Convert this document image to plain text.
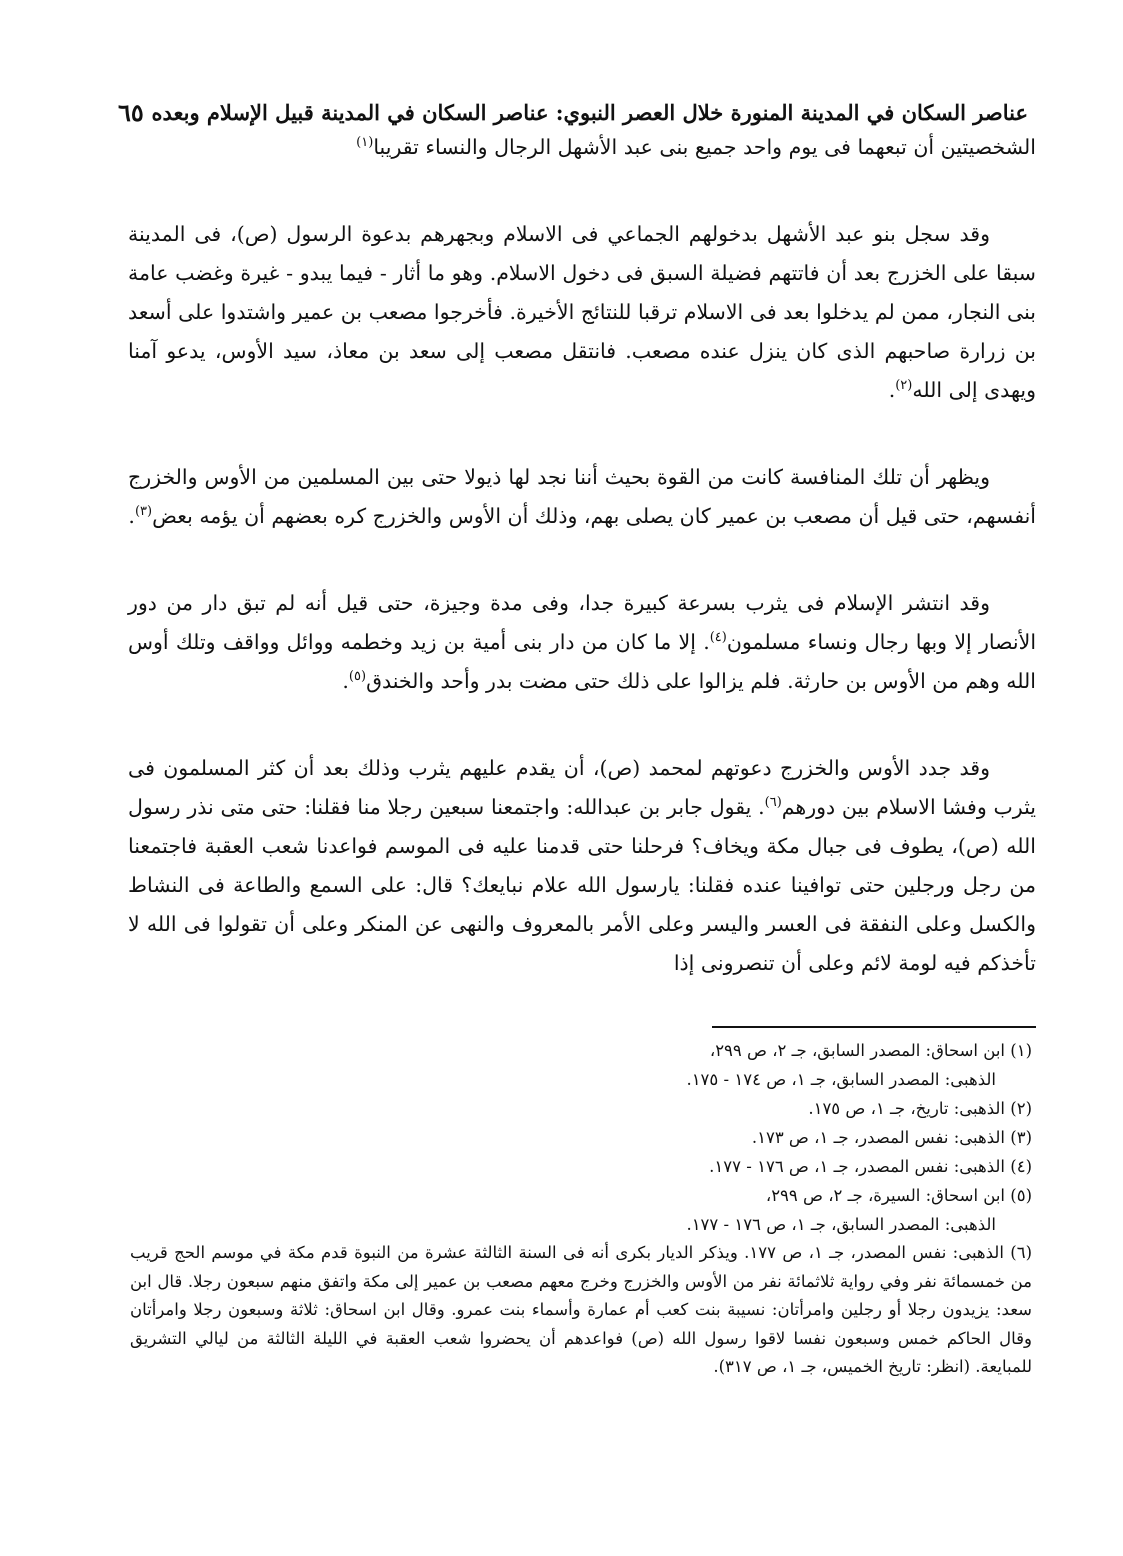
عناصر السكان في المدينة المنورة خلال العصر النبوي: عناصر السكان في المدينة قبيل الإسلام وبعده
٦٥

الشخصيتين أن تبعهما فى يوم واحد جميع بنى عبد الأشهل الرجال والنساء تقريبا$^{(١)}$

وقد سجل بنو عبد الأشهل بدخولهم الجماعي فى الاسلام وبجهرهم بدعوة الرسول (ص)، فى المدينة سبقا على الخزرج بعد أن فاتتهم فضيلة السبق فى دخول الاسلام. وهو ما أثار - فيما يبدو - غيرة وغضب عامة بنى النجار، ممن لم يدخلوا بعد فى الاسلام ترقبا للنتائج الأخيرة. فأخرجوا مصعب بن عمير واشتدوا على أسعد بن زرارة صاحبهم الذى كان ينزل عنده مصعب. فانتقل مصعب إلى سعد بن معاذ، سيد الأوس، يدعو آمنا ويهدى إلى الله$^{(٢)}$.

ويظهر أن تلك المنافسة كانت من القوة بحيث أننا نجد لها ذيولا حتى بين المسلمين من الأوس والخزرج أنفسهم، حتى قيل أن مصعب بن عمير كان يصلى بهم، وذلك أن الأوس والخزرج كره بعضهم أن يؤمه بعض$^{(٣)}$.

وقد انتشر الإسلام فى يثرب بسرعة كبيرة جدا، وفى مدة وجيزة، حتى قيل أنه لم تبق دار من دور الأنصار إلا وبها رجال ونساء مسلمون$^{(٤)}$. إلا ما كان من دار بنى أمية بن زيد وخطمه ووائل وواقف وتلك أوس الله وهم من الأوس بن حارثة. فلم يزالوا على ذلك حتى مضت بدر وأحد والخندق$^{(٥)}$.

وقد جدد الأوس والخزرج دعوتهم لمحمد (ص)، أن يقدم عليهم يثرب وذلك بعد أن كثر المسلمون فى يثرب وفشا الاسلام بين دورهم$^{(٦)}$. يقول جابر بن عبدالله: واجتمعنا سبعين رجلا منا فقلنا: حتى متى نذر رسول الله (ص)، يطوف فى جبال مكة ويخاف؟ فرحلنا حتى قدمنا عليه فى الموسم فواعدنا شعب العقبة فاجتمعنا من رجل ورجلين حتى توافينا عنده فقلنا: يارسول الله علام نبايعك؟ قال: على السمع والطاعة فى النشاط والكسل وعلى النفقة فى العسر واليسر وعلى الأمر بالمعروف والنهى عن المنكر وعلى أن تقولوا فى الله لا تأخذكم فيه لومة لائم وعلى أن تنصرونى إذا

(١) ابن اسحاق: المصدر السابق، جـ ٢، ص ٢٩٩،

الذهبى: المصدر السابق، جـ ١، ص ١٧٤ - ١٧٥.

(٢) الذهبى: تاريخ، جـ ١، ص ١٧٥.

(٣) الذهبى: نفس المصدر، جـ ١، ص ١٧٣.

(٤) الذهبى: نفس المصدر، جـ ١، ص ١٧٦ - ١٧٧.

(٥) ابن اسحاق: السيرة، جـ ٢، ص ٢٩٩،

الذهبى: المصدر السابق، جـ ١، ص ١٧٦ - ١٧٧.

(٦) الذهبى: نفس المصدر، جـ ١، ص ١٧٧. ويذكر الديار بكرى أنه فى السنة الثالثة عشرة من النبوة قدم مكة في موسم الحج قريب من خمسمائة نفر وفي رواية ثلاثمائة نفر من الأوس والخزرج وخرج معهم مصعب بن عمير إلى مكة واتفق منهم سبعون رجلا. قال ابن سعد: يزيدون رجلا أو رجلين وامرأتان: نسيبة بنت كعب أم عمارة وأسماء بنت عمرو. وقال ابن اسحاق: ثلاثة وسبعون رجلا وامرأتان وقال الحاكم خمس وسبعون نفسا لاقوا رسول الله (ص) فواعدهم أن يحضروا شعب العقبة في الليلة الثالثة من ليالي التشريق للمبايعة. (انظر: تاريخ الخميس، جـ ١، ص ٣١٧).
